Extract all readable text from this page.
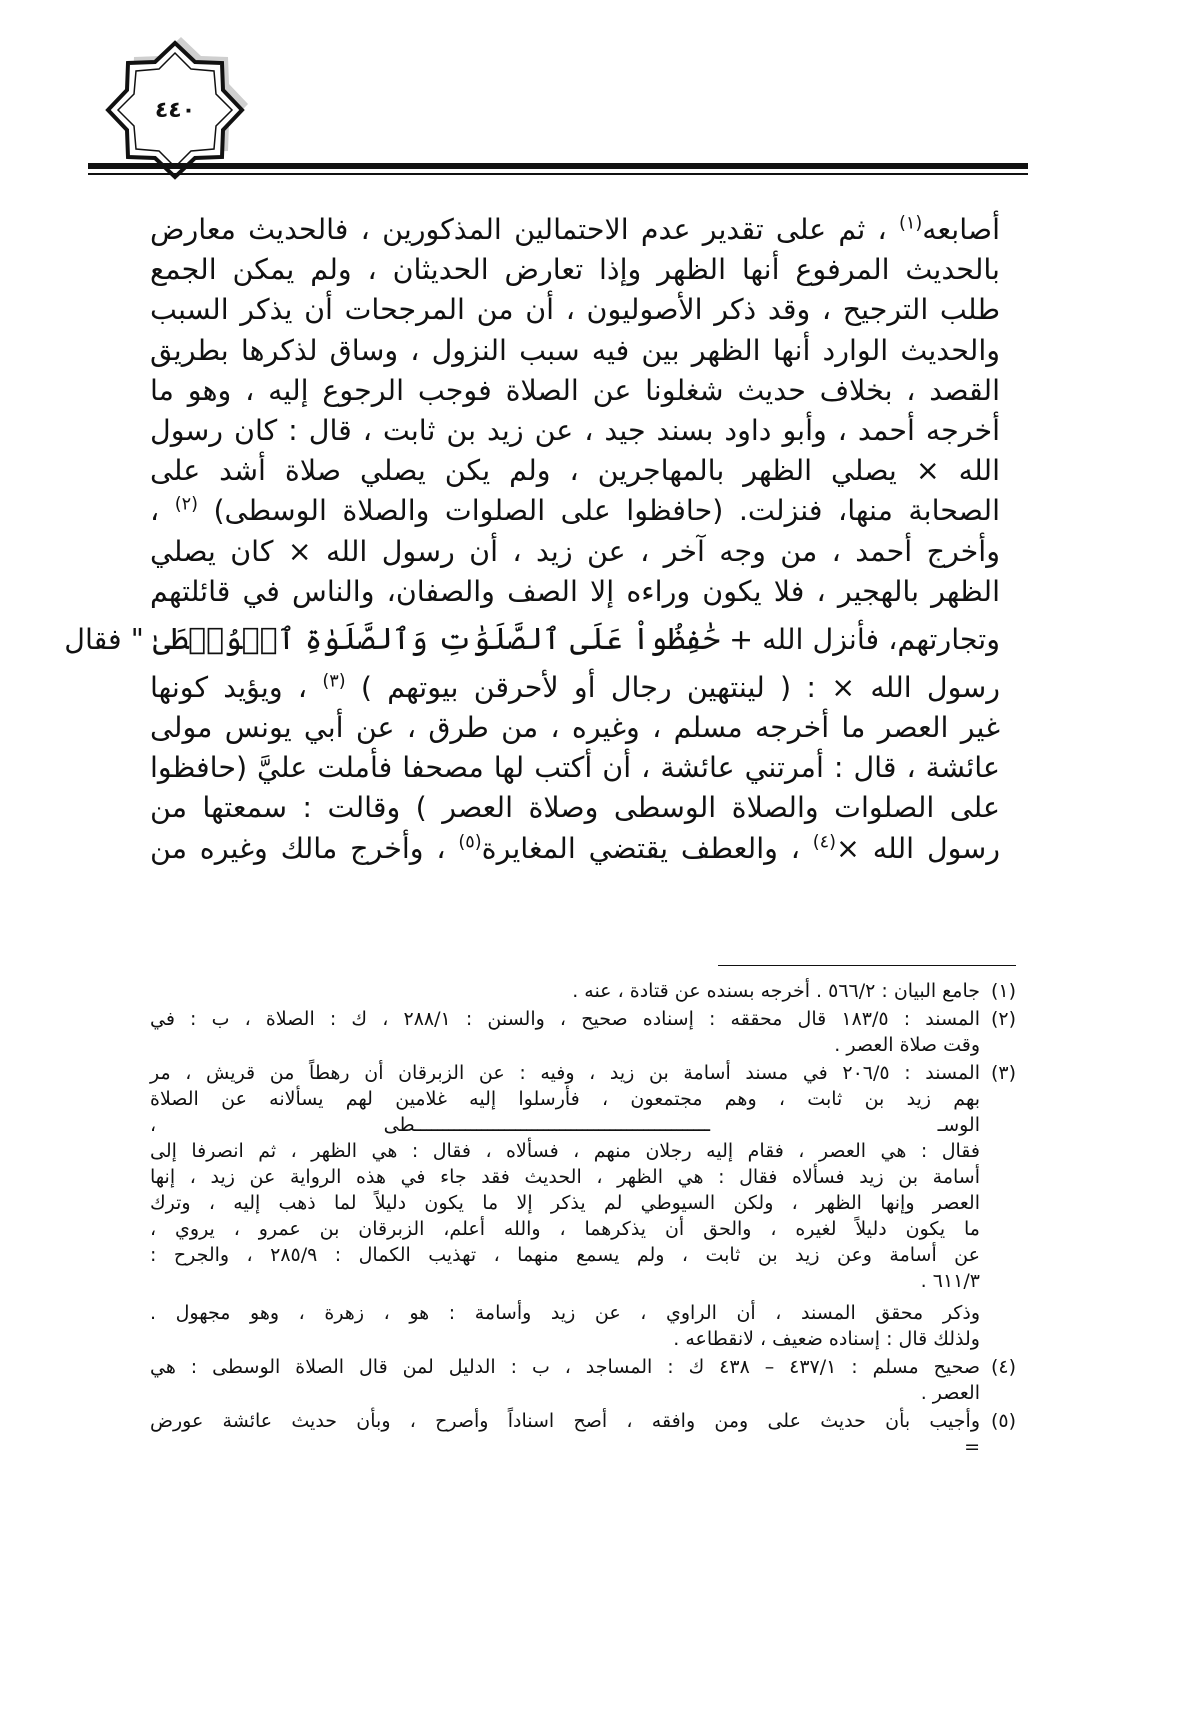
٤٤٠
أصابعه$^{(١)}$ ، ثم على تقدير عدم الاحتمالين المذكورين ، فالحديث معارض
بالحديث المرفوع أنها الظهر وإذا تعارض الحديثان ، ولم يمكن الجمع
طلب الترجيح ، وقد ذكر الأصوليون ، أن من المرجحات أن يذكر السبب
والحديث الوارد أنها الظهر بين فيه سبب النزول ، وساق لذكرها بطريق
القصد ، بخلاف حديث شغلونا عن الصلاة فوجب الرجوع إليه ، وهو ما
أخرجه أحمد ، وأبو داود بسند جيد ، عن زيد بن ثابت ، قال : كان رسول
الله × يصلي الظهر بالمهاجرين ، ولم يكن يصلي صلاة أشد على
الصحابة منها، فنزلت. (حافظوا على الصلوات والصلاة الوسطى) $^{(٢)}$ ،
وأخرج أحمد ، من وجه آخر ، عن زيد ، أن رسول الله × كان يصلي
الظهر بالهجير ، فلا يكون وراءه إلا الصف والصفان، والناس في قائلتهم
وتجارتهم، فأنزل الله + حَٰفِظُواْ عَلَى ٱلصَّلَوَٰتِ وَٱلصَّلَوٰةِ ٱلۡوُسۡطَىٰ " فقال
رسول الله × : ( لينتهين رجال أو لأحرقن بيوتهم ) $^{(٣)}$ ، ويؤيد كونها
غير العصر ما أخرجه مسلم ، وغيره ، من طرق ، عن أبي يونس مولى
عائشة ، قال : أمرتني عائشة ، أن أكتب لها مصحفا فأملت عليَّ (حافظوا
على الصلوات والصلاة الوسطى وصلاة العصر ) وقالت : سمعتها من
رسول الله ×$^{(٤)}$ ، والعطف يقتضي المغايرة$^{(٥)}$ ، وأخرج مالك وغيره من
(١)
جامع البيان : ٥٦٦/٢ . أخرجه بسنده عن قتادة ، عنه .
(٢)
المسند : ١٨٣/٥ قال محققه : إسناده صحيح ، والسنن : ٢٨٨/١ ، ك : الصلاة ، ب : في
وقت صلاة العصر .
(٣)
المسند : ٢٠٦/٥ في مسند أسامة بن زيد ، وفيه : عن الزبرقان أن رهطاً من قريش ، مر
بهم زيد بن ثابت ، وهم مجتمعون ، فأرسلوا إليه غلامين لهم يسألانه عن الصلاة
الوسـ ـــــــــــــــــــــــــــــــــــــــــــــــــــــطى ،
فقال : هي العصر ، فقام إليه رجلان منهم ، فسألاه ، فقال : هي الظهر ، ثم انصرفا إلى
أسامة بن زيد فسألاه فقال : هي الظهر ، الحديث فقد جاء في هذه الرواية عن زيد ، إنها
العصر وإنها الظهر ، ولكن السيوطي لم يذكر إلا ما يكون دليلاً لما ذهب إليه ، وترك
ما يكون دليلاً لغيره ، والحق أن يذكرهما ، والله أعلم، الزبرقان بن عمرو ، يروي ،
عن أسامة وعن زيد بن ثابت ، ولم يسمع منهما ، تهذيب الكمال : ٢٨٥/٩ ، والجرح :
٦١١/٣ .
وذكر محقق المسند ، أن الراوي ، عن زيد وأسامة : هو ، زهرة ، وهو مجهول .
ولذلك قال : إسناده ضعيف ، لانقطاعه .
(٤)
صحيح مسلم : ٤٣٧/١ – ٤٣٨ ك : المساجد ، ب : الدليل لمن قال الصلاة الوسطى : هي
العصر .
(٥)
وأجيب بأن حديث على ومن وافقه ، أصح اسناداً وأصرح ، وبأن حديث عائشة عورض
=
